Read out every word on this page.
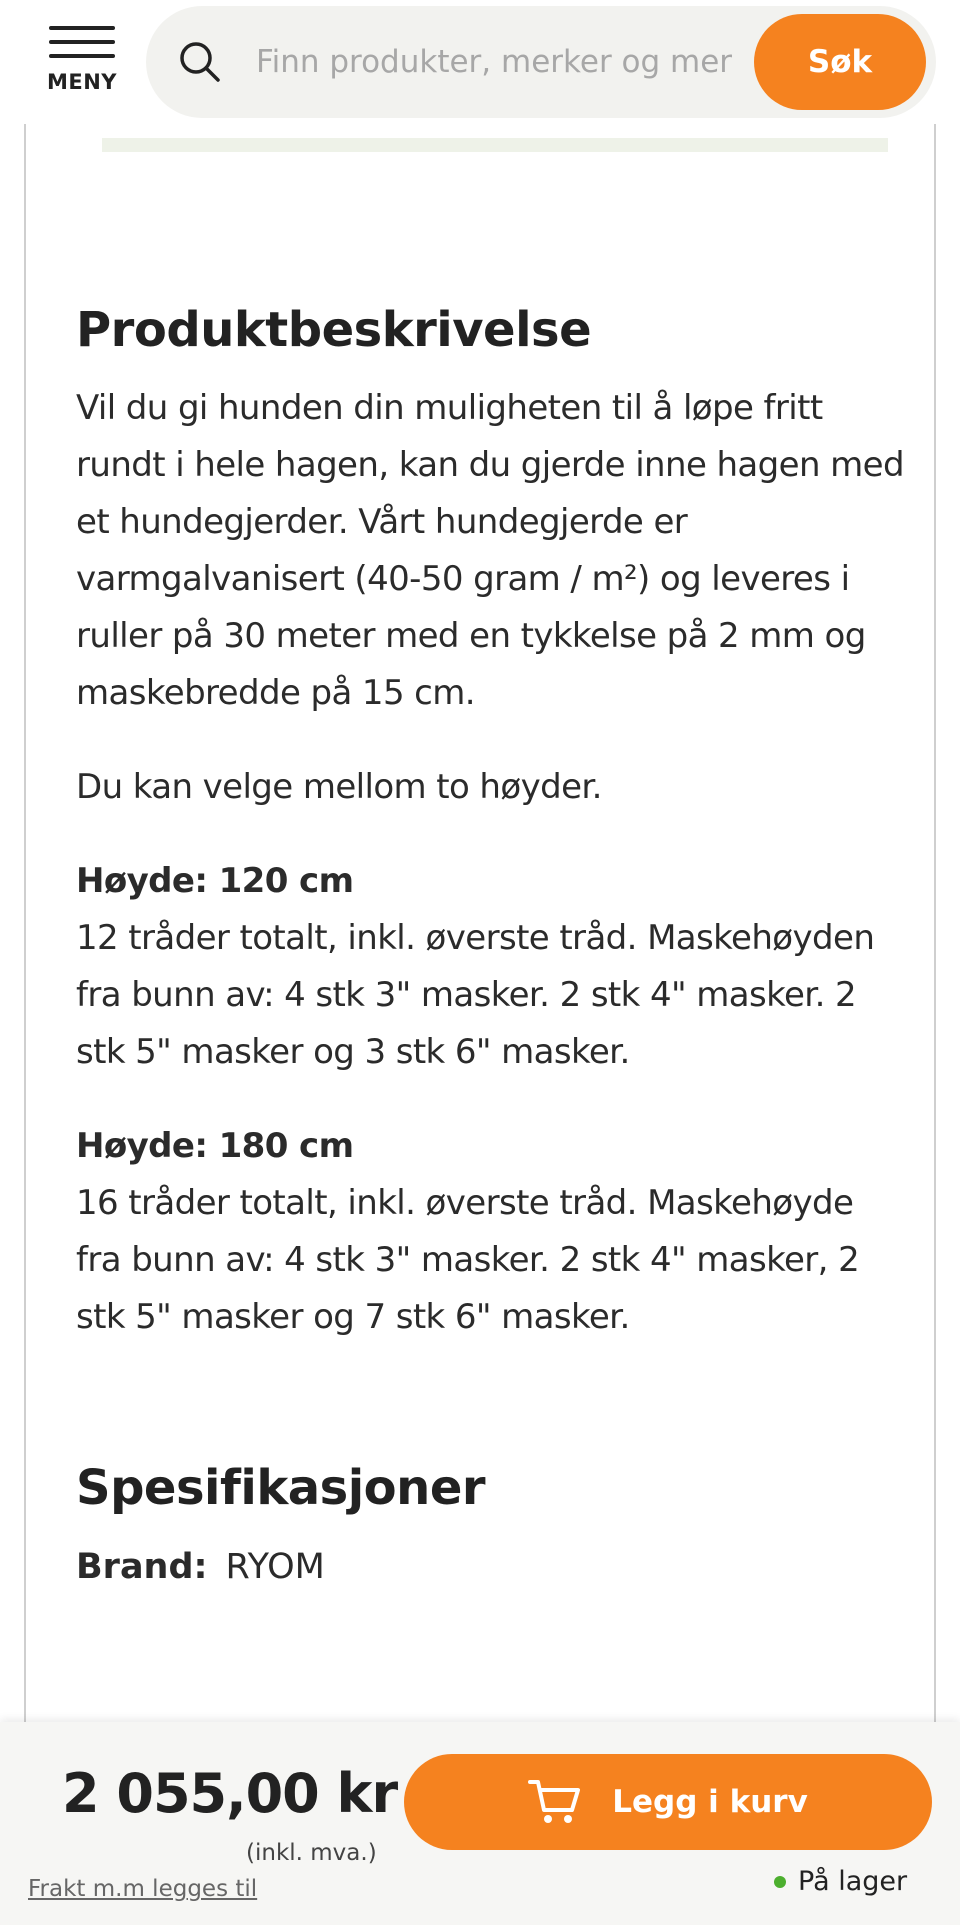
MENY
Finn produkter, merker og mer
Søk
Produktbeskrivelse

Vil du gi hunden din muligheten til å løpe fritt rundt i hele hagen, kan du gjerde inne hagen med et hundegjerder. Vårt hundegjerde er varmgalvanisert (40-50 gram / m²) og leveres i ruller på 30 meter med en tykkelse på 2 mm og maskebredde på 15 cm.

Du kan velge mellom to høyder.

Høyde: 120 cm
12 tråder totalt, inkl. øverste tråd. Maskehøyden fra bunn av: 4 stk 3" masker. 2 stk 4" masker. 2 stk 5" masker og 3 stk 6" masker.

Høyde: 180 cm
16 tråder totalt, inkl. øverste tråd. Maskehøyde fra bunn av: 4 stk 3" masker. 2 stk 4" masker, 2 stk 5" masker og 7 stk 6" masker.

Spesifikasjoner
Brand: RYOM
2 055,00 kr
(inkl. mva.)
Frakt m.m legges til
Legg i kurv
På lager
